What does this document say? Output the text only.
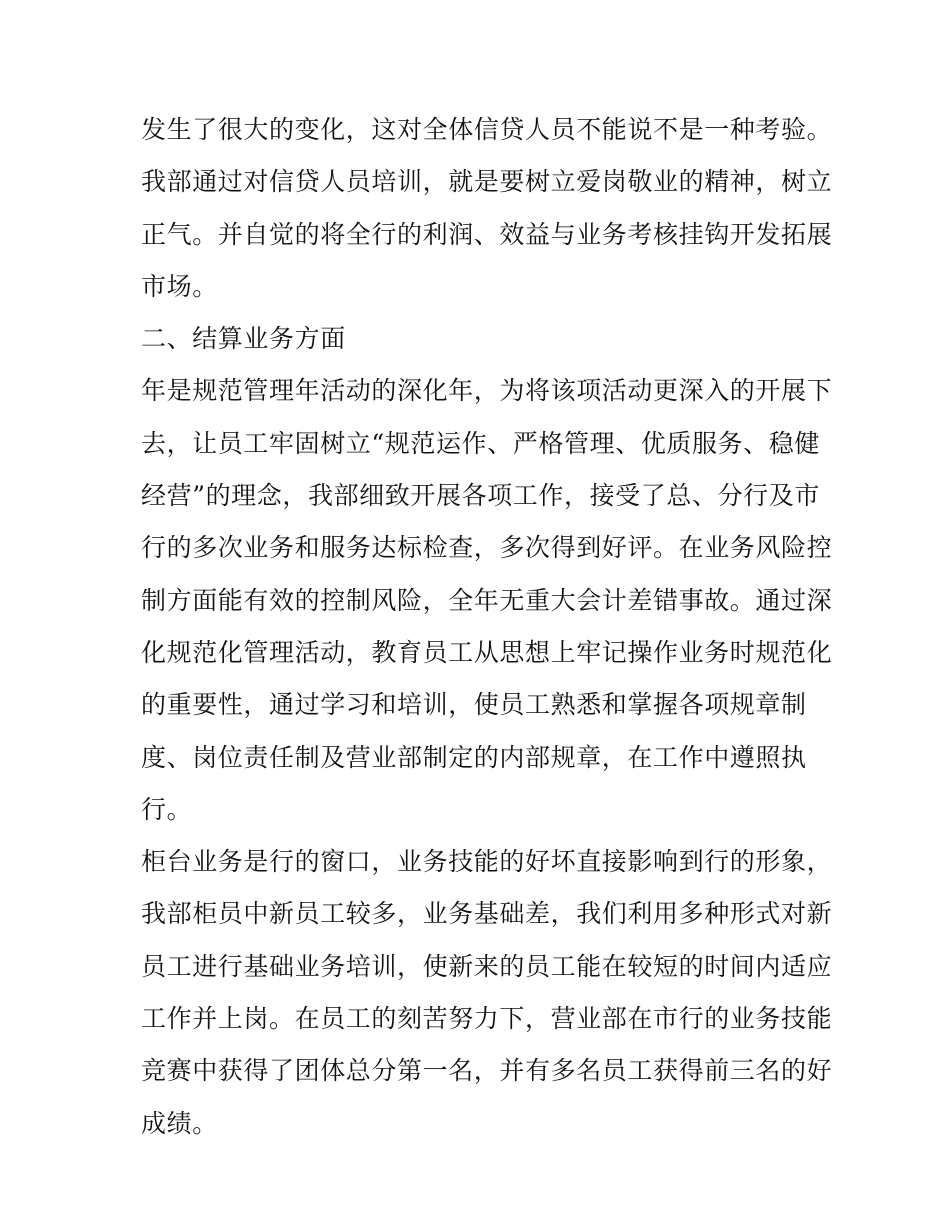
发生了很大的变化，这对全体信贷人员不能说不是一种考验。
我部通过对信贷人员培训，就是要树立爱岗敬业的精神，树立
正气。并自觉的将全行的利润、效益与业务考核挂钩开发拓展
市场。
二、结算业务方面
年是规范管理年活动的深化年，为将该项活动更深入的开展下
去，让员工牢固树立“规范运作、严格管理、优质服务、稳健
经营”的理念，我部细致开展各项工作，接受了总、分行及市
行的多次业务和服务达标检查，多次得到好评。在业务风险控
制方面能有效的控制风险，全年无重大会计差错事故。通过深
化规范化管理活动，教育员工从思想上牢记操作业务时规范化
的重要性，通过学习和培训，使员工熟悉和掌握各项规章制
度、岗位责任制及营业部制定的内部规章，在工作中遵照执
行。
柜台业务是行的窗口，业务技能的好坏直接影响到行的形象，
我部柜员中新员工较多，业务基础差，我们利用多种形式对新
员工进行基础业务培训，使新来的员工能在较短的时间内适应
工作并上岗。在员工的刻苦努力下，营业部在市行的业务技能
竞赛中获得了团体总分第一名，并有多名员工获得前三名的好
成绩。
